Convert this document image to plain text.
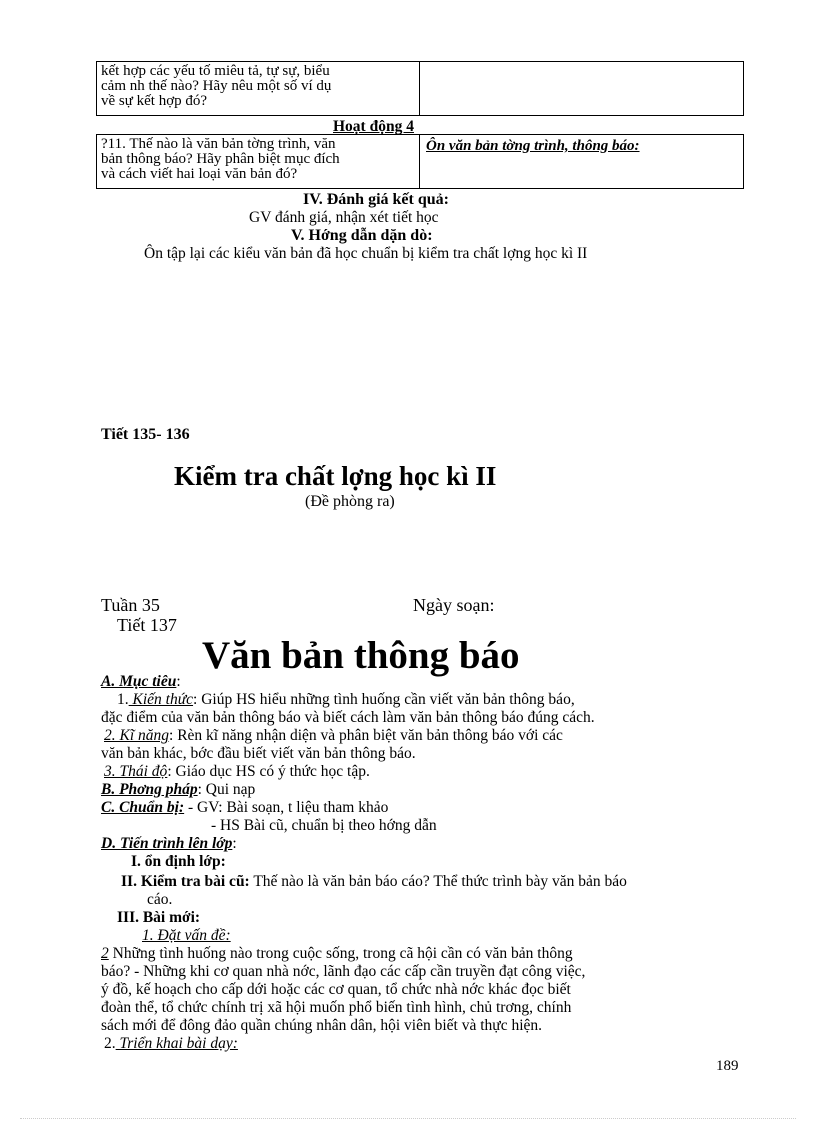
kết hợp các yếu tố miêu tả, tự sự, biểu
cảm nh thế nào? Hãy nêu một số ví dụ
về sự kết hợp đó?
Hoạt động 4
?11. Thế nào là văn bản tờng trình, văn
bản thông báo? Hãy phân biệt mục đích
và cách viết hai loại văn bản đó?
Ôn văn bản tờng trình, thông báo:
IV. Đánh giá kết quả:
GV đánh giá, nhận xét tiết học
V. Hớng dẫn dặn dò:
Ôn tập lại các kiểu văn bản đã học chuẩn bị kiểm tra chất lợng học kì II
Tiết 135- 136
Kiểm tra chất lợng học kì II
(Đề phòng ra)
Tuần 35	Ngày soạn:
Tiết 137
Văn bản thông báo
A. Mục tiêu:
1. Kiến thức: Giúp HS hiểu những tình huống cần viết văn bản thông báo,
đặc điểm của văn bản thông báo và biết cách làm văn bản thông báo đúng cách.
2. Kĩ năng: Rèn kĩ năng nhận diện và phân biệt văn bản thông báo với các
văn bản khác, bớc đầu biết viết văn bản thông báo.
3. Thái độ: Giáo dục HS có ý thức học tập.
B. Phơng pháp: Qui nạp
C. Chuẩn bị: - GV: Bài soạn, t liệu tham khảo
- HS Bài cũ, chuẩn bị theo hớng dẫn
D. Tiến trình lên lớp:
I. ổn định lớp:
II. Kiểm tra bài cũ: Thế nào là văn bản báo cáo? Thể thức trình bày văn bản báo
cáo.
III. Bài mới:
1. Đặt vấn đề:
2 Những tình huống nào trong cuộc sống, trong cã hội cần có văn bản thông
báo? - Những khi cơ quan nhà nớc, lãnh đạo các cấp cần truyền đạt công việc,
ý đồ, kế hoạch cho cấp dới hoặc các cơ quan, tổ chức nhà nớc khác đọc biết
đoàn thể, tổ chức chính trị xã hội muốn phổ biến tình hình, chủ trơng, chính
sách mới để đông đảo quần chúng nhân dân, hội viên biết và thực hiện.
2. Triển khai bài dạy:
189
